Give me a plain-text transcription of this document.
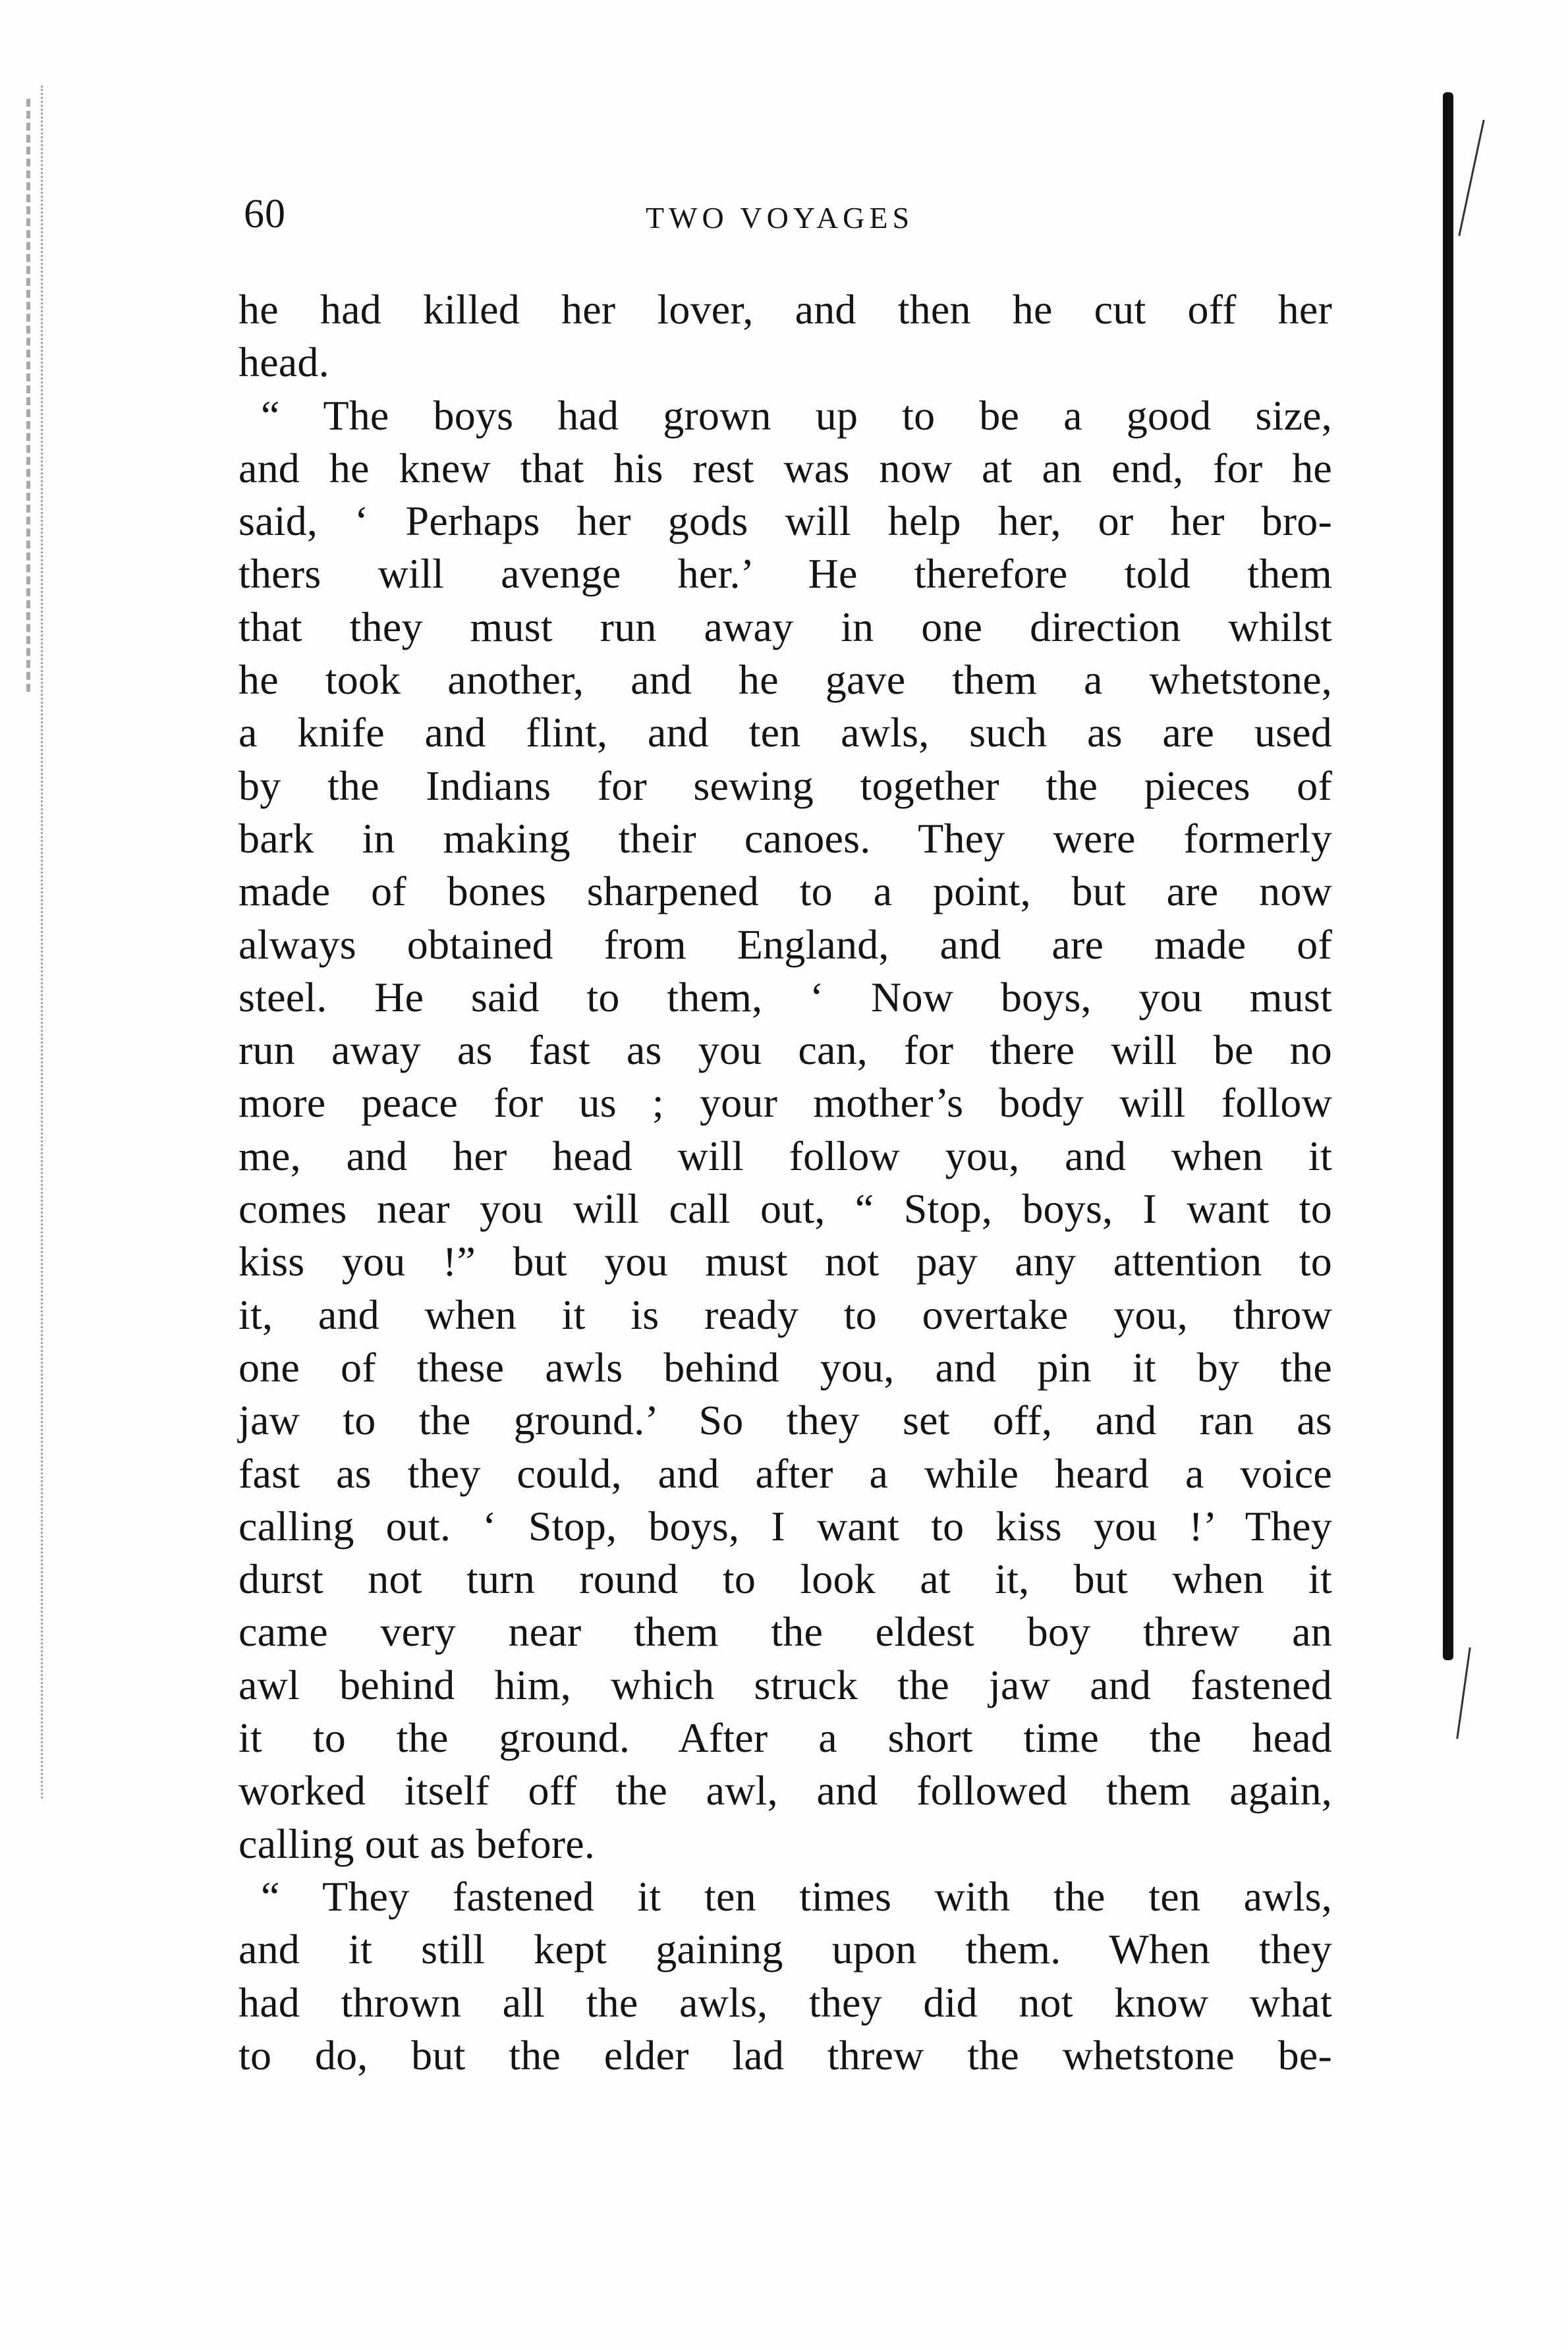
60	TWO VOYAGES
he had killed her lover, and then he cut off her
head.
“ The boys had grown up to be a good size,
and he knew that his rest was now at an end, for he
said, ‘ Perhaps her gods will help her, or her bro-
thers will avenge her.’ He therefore told them
that they must run away in one direction whilst
he took another, and he gave them a whetstone,
a knife and flint, and ten awls, such as are used
by the Indians for sewing together the pieces of
bark in making their canoes. They were formerly
made of bones sharpened to a point, but are now
always obtained from England, and are made of
steel. He said to them, ‘ Now boys, you must
run away as fast as you can, for there will be no
more peace for us ; your mother’s body will follow
me, and her head will follow you, and when it
comes near you will call out, “ Stop, boys, I want to
kiss you !” but you must not pay any attention to
it, and when it is ready to overtake you, throw
one of these awls behind you, and pin it by the
jaw to the ground.’ So they set off, and ran as
fast as they could, and after a while heard a voice
calling out. ‘ Stop, boys, I want to kiss you !’ They
durst not turn round to look at it, but when it
came very near them the eldest boy threw an
awl behind him, which struck the jaw and fastened
it to the ground. After a short time the head
worked itself off the awl, and followed them again,
calling out as before.
“ They fastened it ten times with the ten awls,
and it still kept gaining upon them. When they
had thrown all the awls, they did not know what
to do, but the elder lad threw the whetstone be-
